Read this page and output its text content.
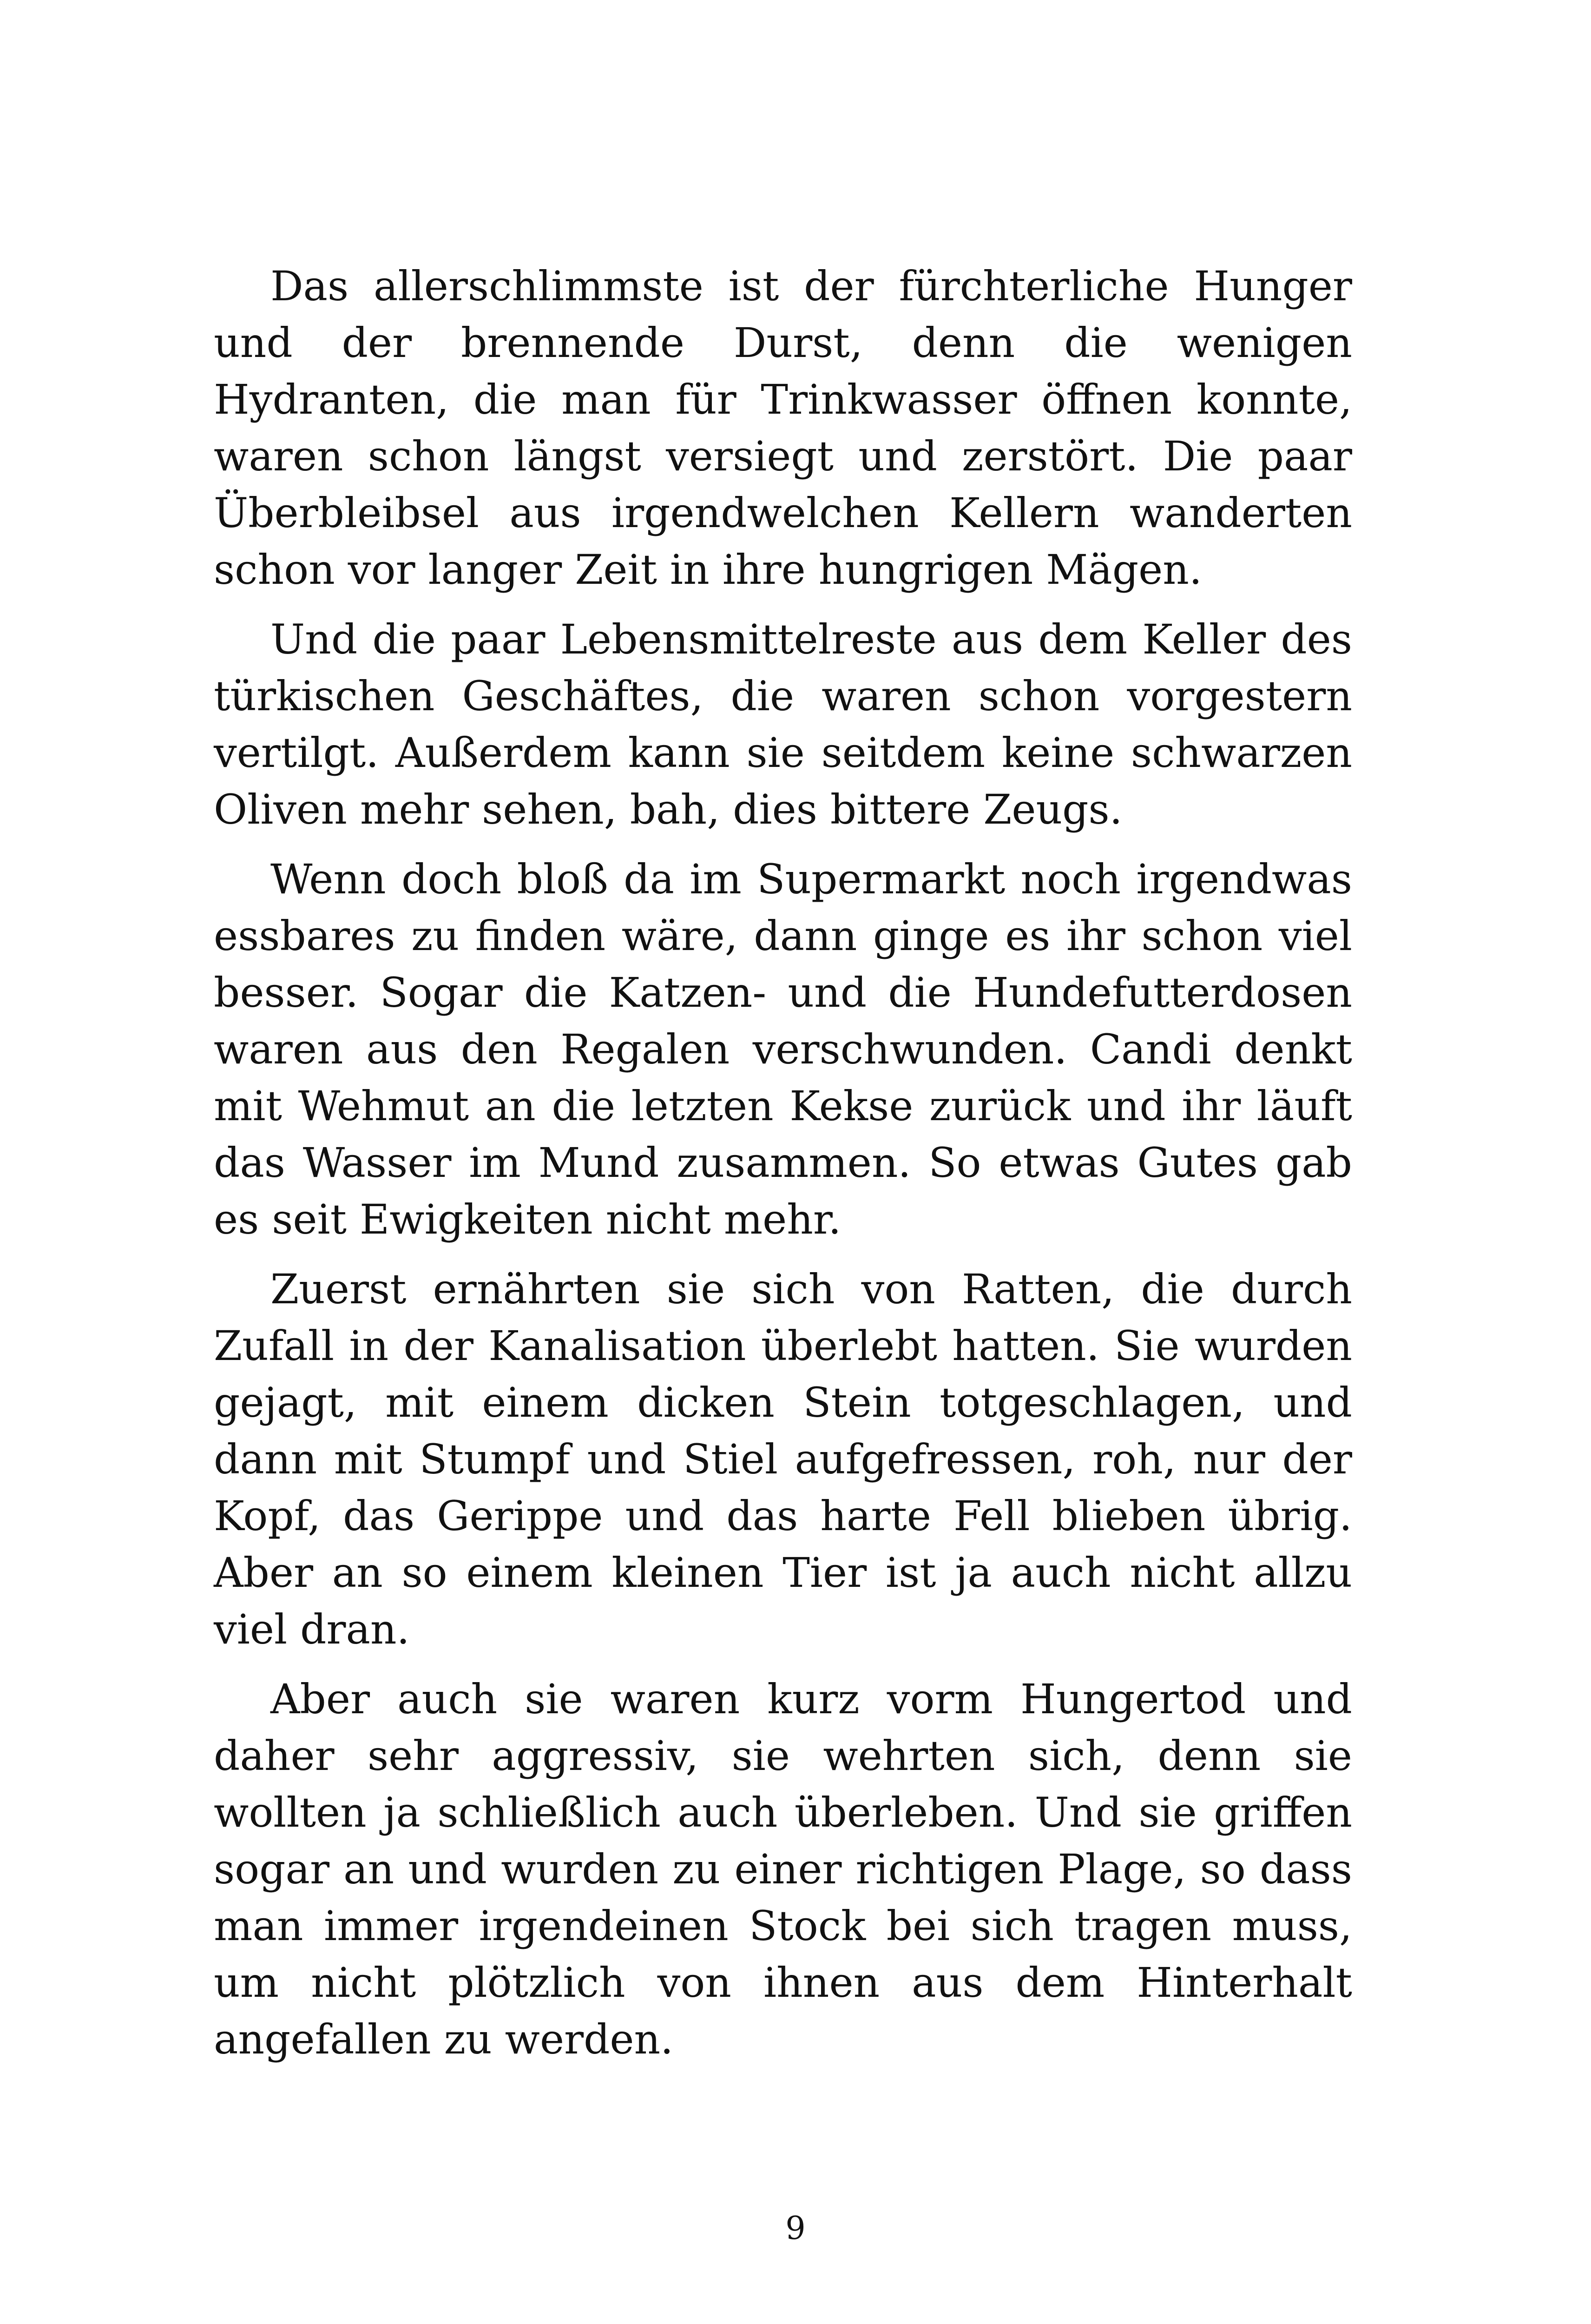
Das allerschlimmste ist der fürchterliche Hunger und der brennende Durst, denn die wenigen Hydranten, die man für Trinkwasser öffnen konnte, waren schon längst versiegt und zerstört. Die paar Überbleibsel aus irgendwelchen Kellern wanderten schon vor langer Zeit in ihre hungrigen Mägen.

Und die paar Lebensmittelreste aus dem Keller des türkischen Geschäftes, die waren schon vorgestern vertilgt. Außerdem kann sie seitdem keine schwarzen Oliven mehr sehen, bah, dies bittere Zeugs.

Wenn doch bloß da im Supermarkt noch irgendwas essbares zu finden wäre, dann ginge es ihr schon viel besser. Sogar die Katzen- und die Hundefutterdosen waren aus den Regalen verschwunden. Candi denkt mit Wehmut an die letzten Kekse zurück und ihr läuft das Wasser im Mund zusammen. So etwas Gutes gab es seit Ewigkeiten nicht mehr.

Zuerst ernährten sie sich von Ratten, die durch Zufall in der Kanalisation überlebt hatten. Sie wurden gejagt, mit einem dicken Stein totgeschlagen, und dann mit Stumpf und Stiel aufgefressen, roh, nur der Kopf, das Gerippe und das harte Fell blieben übrig. Aber an so einem kleinen Tier ist ja auch nicht allzu viel dran.

Aber auch sie waren kurz vorm Hungertod und daher sehr aggressiv, sie wehrten sich, denn sie wollten ja schließlich auch überleben. Und sie griffen sogar an und wurden zu einer richtigen Plage, so dass man immer irgendeinen Stock bei sich tragen muss, um nicht plötzlich von ihnen aus dem Hinterhalt angefallen zu werden.

9
